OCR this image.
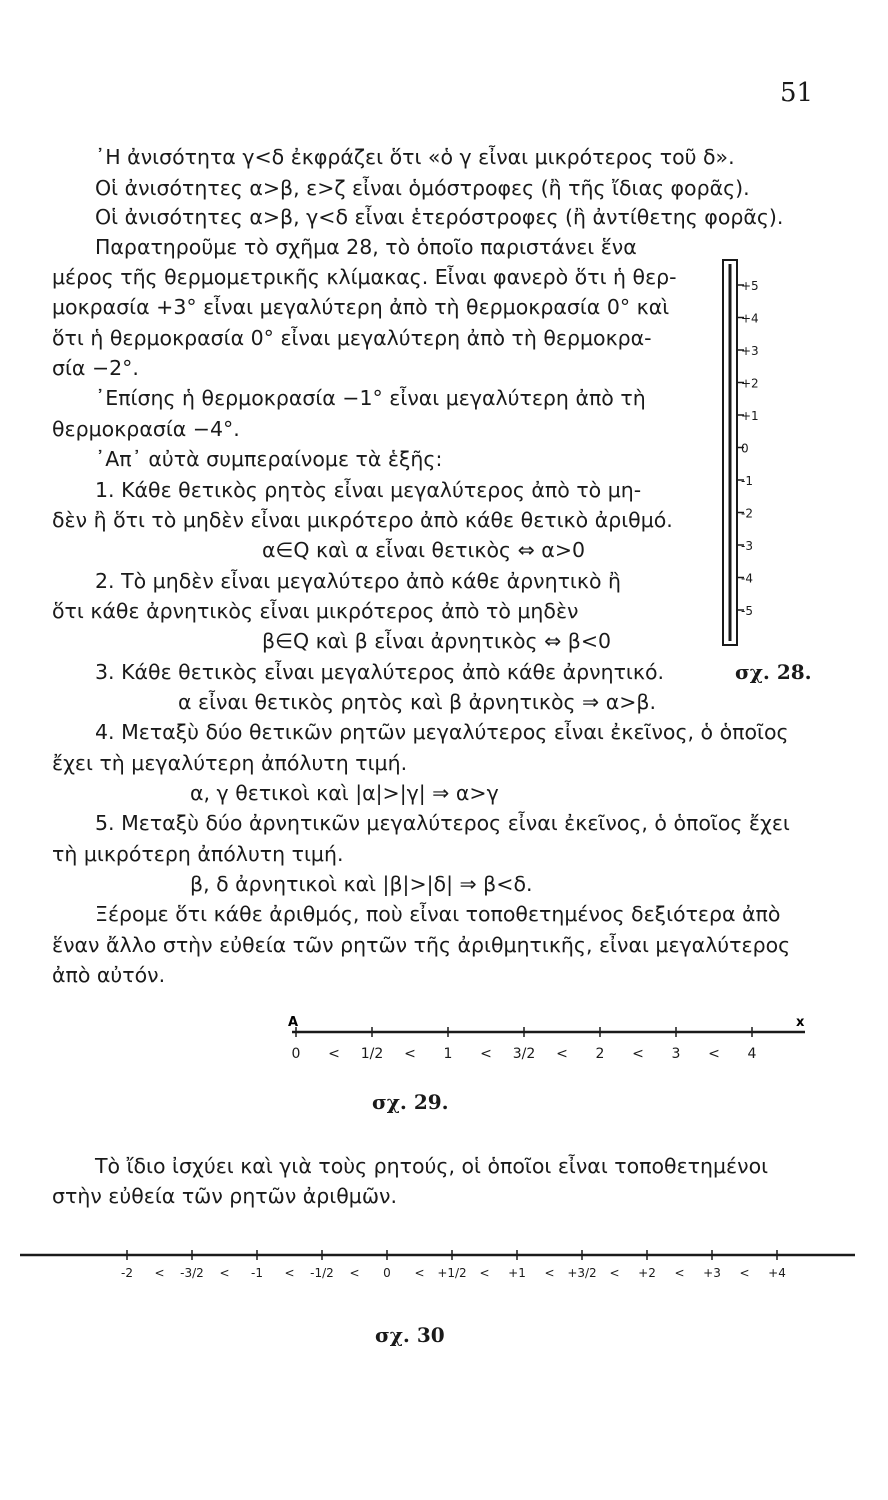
51
᾿Η ἀνισότητα γ<δ ἐκφράζει ὅτι «ὁ γ εἶναι μικρότερος τοῦ δ».
Οἱ ἀνισότητες α>β, ε>ζ εἶναι ὁμόστροφες (ἢ τῆς ἴδιας φορᾶς).
Οἱ ἀνισότητες α>β, γ<δ εἶναι ἑτερόστροφες (ἢ ἀντίθετης φορᾶς).
Παρατηροῦμε τὸ σχῆμα 28, τὸ ὁποῖο παριστάνει ἕνα
μέρος τῆς θερμομετρικῆς κλίμακας. Εἶναι φανερὸ ὅτι ἡ θερ-
μοκρασία +3° εἶναι μεγαλύτερη ἀπὸ τὴ θερμοκρασία 0° καὶ
ὅτι ἡ θερμοκρασία 0° εἶναι μεγαλύτερη ἀπὸ τὴ θερμοκρα-
σία −2°.
᾿Επίσης ἡ θερμοκρασία −1° εἶναι μεγαλύτερη ἀπὸ τὴ
θερμοκρασία −4°.
᾿Απ᾿ αὐτὰ συμπεραίνομε τὰ ἑξῆς:
1. Κάθε θετικὸς ρητὸς εἶναι μεγαλύτερος ἀπὸ τὸ μη-
δὲν ἢ ὅτι τὸ μηδὲν εἶναι μικρότερο ἀπὸ κάθε θετικὸ ἀριθμό.
α∈Q καὶ α εἶναι θετικὸς ⇔ α>0
2. Τὸ μηδὲν εἶναι μεγαλύτερο ἀπὸ κάθε ἀρνητικὸ ἢ
ὅτι κάθε ἀρνητικὸς εἶναι μικρότερος ἀπὸ τὸ μηδὲν
β∈Q καὶ β εἶναι ἀρνητικὸς ⇔ β<0
3. Κάθε θετικὸς εἶναι μεγαλύτερος ἀπὸ κάθε ἀρνητικό.
α εἶναι θετικὸς ρητὸς καὶ β ἀρνητικὸς ⇒ α>β.
4. Μεταξὺ δύο θετικῶν ρητῶν μεγαλύτερος εἶναι ἐκεῖνος, ὁ ὁποῖος
ἔχει τὴ μεγαλύτερη ἀπόλυτη τιμή.
α, γ θετικοὶ καὶ |α|>|γ| ⇒ α>γ
5. Μεταξὺ δύο ἀρνητικῶν μεγαλύτερος εἶναι ἐκεῖνος, ὁ ὁποῖος ἔχει
τὴ μικρότερη ἀπόλυτη τιμή.
β, δ ἀρνητικοὶ καὶ |β|>|δ| ⇒ β<δ.
Ξέρομε ὅτι κάθε ἀριθμός, ποὺ εἶναι τοποθετημένος δεξιότερα ἀπὸ
ἕναν ἄλλο στὴν εὐθεία τῶν ρητῶν τῆς ἀριθμητικῆς, εἶναι μεγαλύτερος
ἀπὸ αὐτόν.
Τὸ ἴδιο ἰσχύει καὶ γιὰ τοὺς ρητούς, οἱ ὁποῖοι εἶναι τοποθετημένοι
στὴν εὐθεία τῶν ρητῶν ἀριθμῶν.
+5
+4
+3
+2
+1
0
-1
-2
-3
-4
-5
σχ. 28.
A	x
0 < 1/2 < 1 < 3/2 < 2 < 3 < 4
σχ. 29.
-2 < -3/2 < -1 < -1/2 < 0 < +1/2 < +1 < +3/2 < +2 < +3 < +4
σχ. 30
